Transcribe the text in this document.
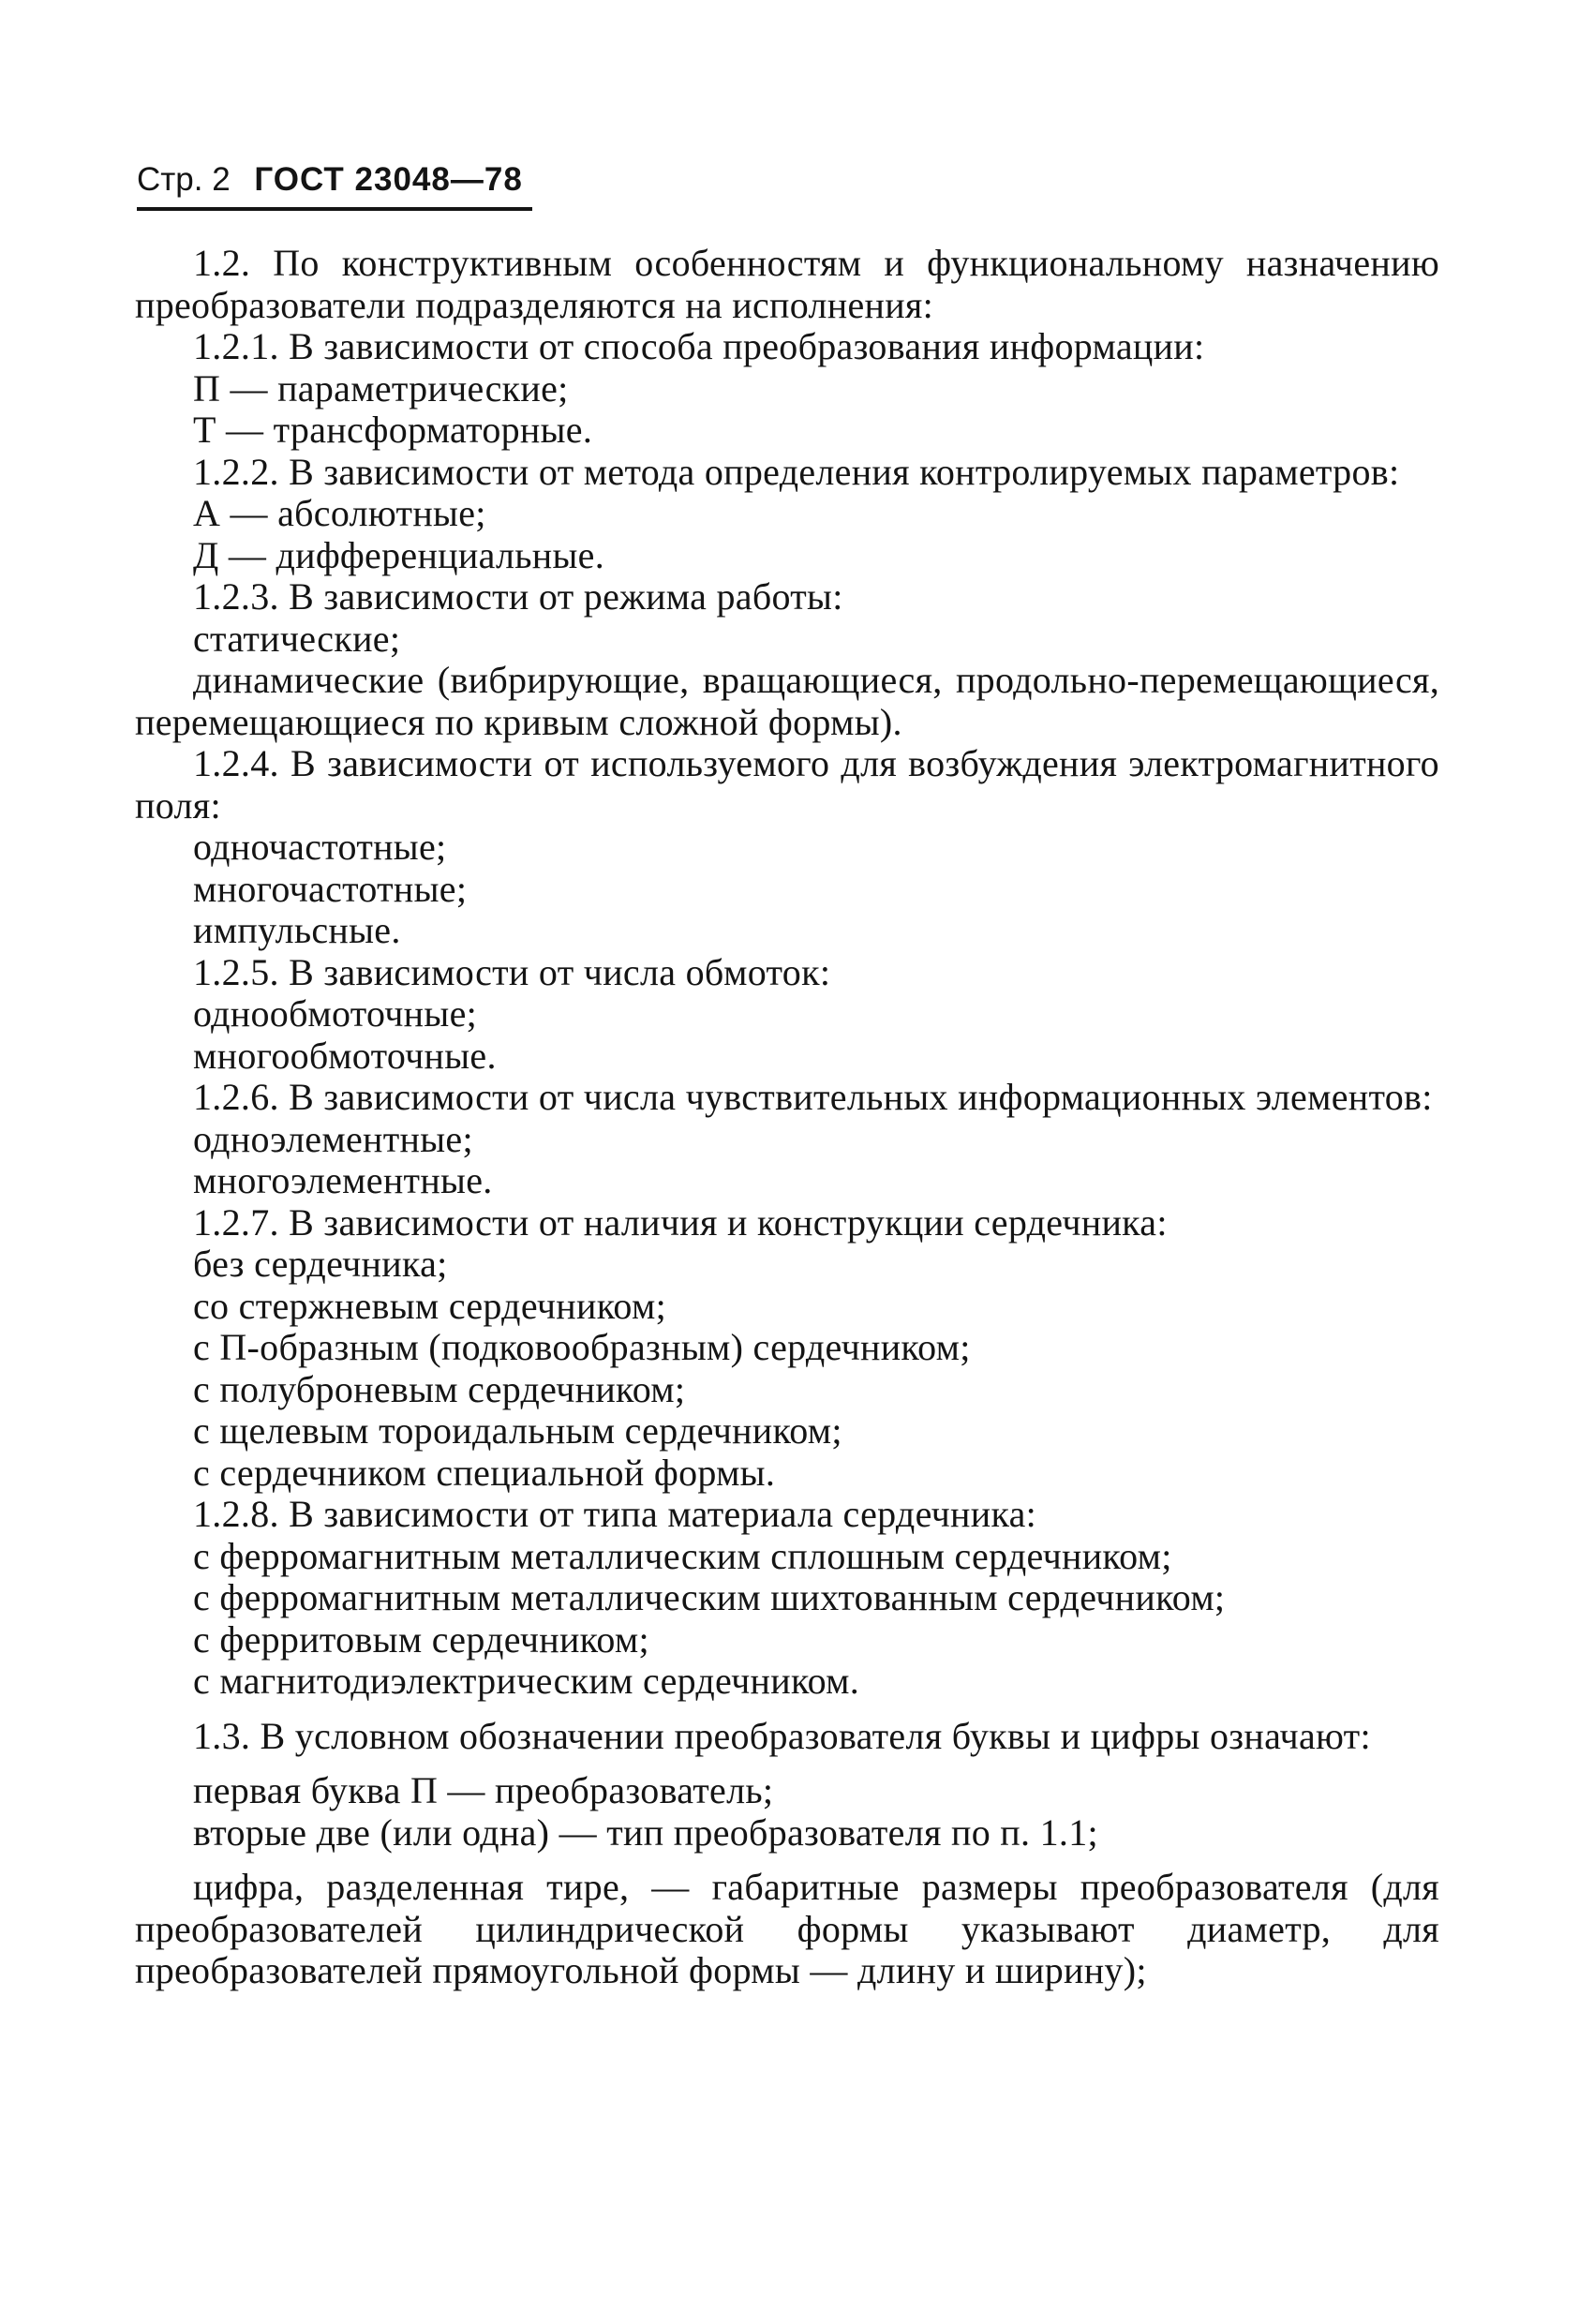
Стр. 2 ГОСТ 23048—78

1.2. По конструктивным особенностям и функциональному назначению преобразователи подразделяются на исполнения:

1.2.1. В зависимости от способа преобразования информации:

П — параметрические;

Т — трансформаторные.

1.2.2. В зависимости от метода определения контролируемых параметров:

А — абсолютные;

Д — дифференциальные.

1.2.3. В зависимости от режима работы:

статические;

динамические (вибрирующие, вращающиеся, продольно-перемещающиеся, перемещающиеся по кривым сложной формы).

1.2.4. В зависимости от используемого для возбуждения электромагнитного поля:

одночастотные;

многочастотные;

импульсные.

1.2.5. В зависимости от числа обмоток:

однообмоточные;

многообмоточные.

1.2.6. В зависимости от числа чувствительных информационных элементов:

одноэлементные;

многоэлементные.

1.2.7. В зависимости от наличия и конструкции сердечника:

без сердечника;

со стержневым сердечником;

с П-образным (подковообразным) сердечником;

с полуброневым сердечником;

с щелевым тороидальным сердечником;

с сердечником специальной формы.

1.2.8. В зависимости от типа материала сердечника:

с ферромагнитным металлическим сплошным сердечником;

с ферромагнитным металлическим шихтованным сердечником;

с ферритовым сердечником;

с магнитодиэлектрическим сердечником.

1.3. В условном обозначении преобразователя буквы и цифры означают:

первая буква П — преобразователь;

вторые две (или одна) — тип преобразователя по п. 1.1;

цифра, разделенная тире, — габаритные размеры преобразователя (для преобразователей цилиндрической формы указывают диаметр, для преобразователей прямоугольной формы — длину и ширину);
